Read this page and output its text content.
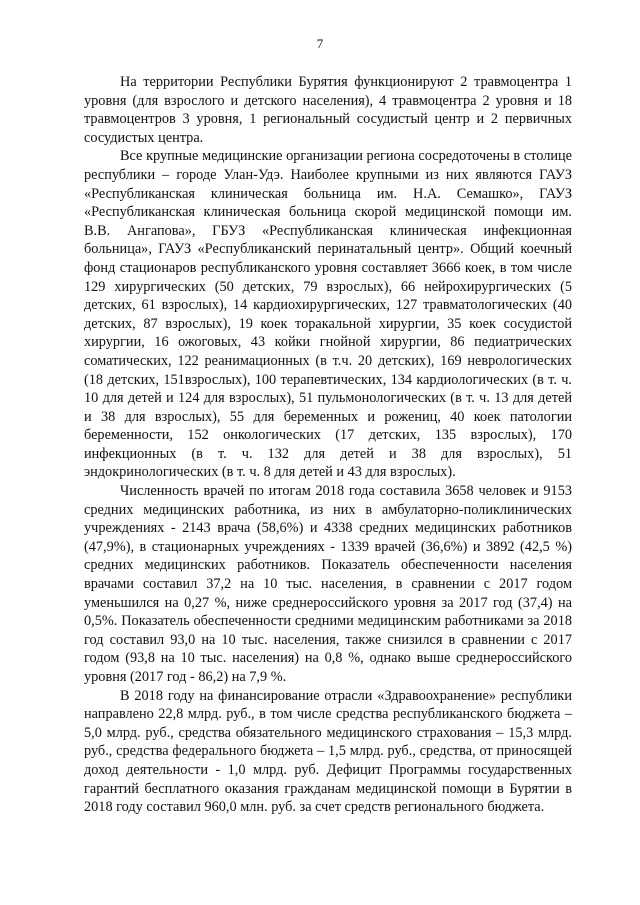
7

На территории Республики Бурятия функционируют 2 травмоцентра 1 уровня (для взрослого и детского населения), 4 травмоцентра 2 уровня и 18 травмоцентров 3 уровня, 1 региональный сосудистый центр и 2 первичных сосудистых центра.

Все крупные медицинские организации региона сосредоточены в столице республики – городе Улан-Удэ. Наиболее крупными из них являются ГАУЗ «Республиканская клиническая больница им. Н.А. Семашко», ГАУЗ «Республиканская клиническая больница скорой медицинской помощи им. В.В. Ангапова», ГБУЗ «Республиканская клиническая инфекционная больница», ГАУЗ «Республиканский перинатальный центр». Общий коечный фонд стационаров республиканского уровня составляет 3666 коек, в том числе 129 хирургических (50 детских, 79 взрослых), 66 нейрохирургических (5 детских, 61 взрослых), 14 кардиохирургических, 127 травматологических (40 детских, 87 взрослых), 19 коек торакальной хирургии, 35 коек сосудистой хирургии, 16 ожоговых, 43 койки гнойной хирургии, 86 педиатрических соматических, 122 реанимационных (в т.ч. 20 детских), 169 неврологических (18 детских, 151взрослых), 100 терапевтических, 134 кардиологических (в т. ч. 10 для детей и 124 для взрослых), 51 пульмонологических (в т. ч. 13 для детей и 38 для взрослых), 55 для беременных и рожениц, 40 коек патологии беременности, 152 онкологических (17 детских, 135 взрослых), 170 инфекционных (в т. ч. 132 для детей и 38 для взрослых), 51 эндокринологических (в т. ч. 8 для детей и 43 для взрослых).

Численность врачей по итогам 2018 года составила 3658 человек и 9153 средних медицинских работника, из них в амбулаторно-поликлинических учреждениях - 2143 врача (58,6%) и 4338 средних медицинских работников (47,9%), в стационарных учреждениях - 1339 врачей (36,6%) и 3892 (42,5 %) средних медицинских работников. Показатель обеспеченности населения врачами составил 37,2 на 10 тыс. населения, в сравнении с 2017 годом уменьшился на 0,27 %, ниже среднероссийского уровня за 2017 год (37,4) на 0,5%. Показатель обеспеченности средними медицинским работниками за 2018 год составил 93,0 на 10 тыс. населения, также снизился в сравнении с 2017 годом (93,8 на 10 тыс. населения) на 0,8 %, однако выше среднероссийского уровня (2017 год - 86,2) на 7,9 %.

В 2018 году на финансирование отрасли «Здравоохранение» республики направлено 22,8 млрд. руб., в том числе средства республиканского бюджета – 5,0 млрд. руб., средства обязательного медицинского страхования – 15,3 млрд. руб., средства федерального бюджета – 1,5 млрд. руб., средства, от приносящей доход деятельности - 1,0 млрд. руб. Дефицит Программы государственных гарантий бесплатного оказания гражданам медицинской помощи в Бурятии в 2018 году составил 960,0 млн. руб. за счет средств регионального бюджета.
